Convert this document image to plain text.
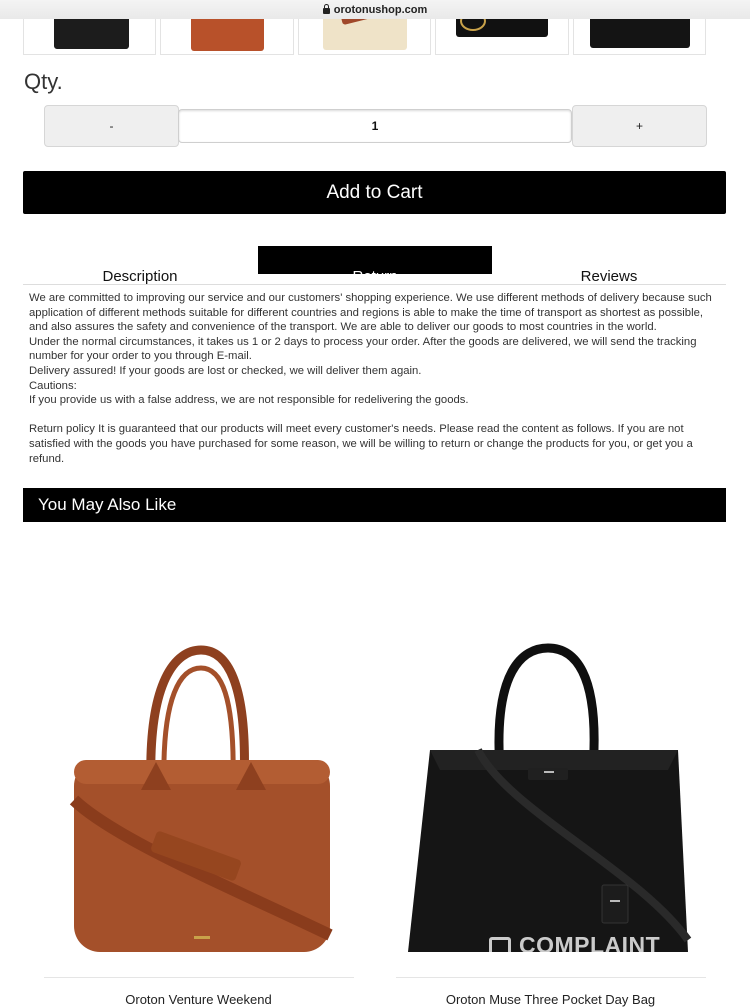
orotonushop.com
Qty.
-	1	+
Add to Cart
Description	Return	Reviews

We are committed to improving our service and our customers' shopping experience. We use different methods of delivery because such application of different methods suitable for different countries and regions is able to make the time of transport as shortest as possible, and also assures the safety and convenience of the transport. We are able to deliver our goods to most countries in the world.

Under the normal circumstances, it takes us 1 or 2 days to process your order. After the goods are delivered, we will send the tracking number for your order to you through E-mail.

Delivery assured! If your goods are lost or checked, we will deliver them again.

Cautions:

If you provide us with a false address, we are not responsible for redelivering the goods.

Return policy It is guaranteed that our products will meet every customer's needs. Please read the content as follows. If you are not satisfied with the goods you have purchased for some reason, we will be willing to return or change the products for you, or get you a refund.

You May Also Like
Oroton Venture Weekend	Oroton Muse Three Pocket Day Bag
COMPLAINT
